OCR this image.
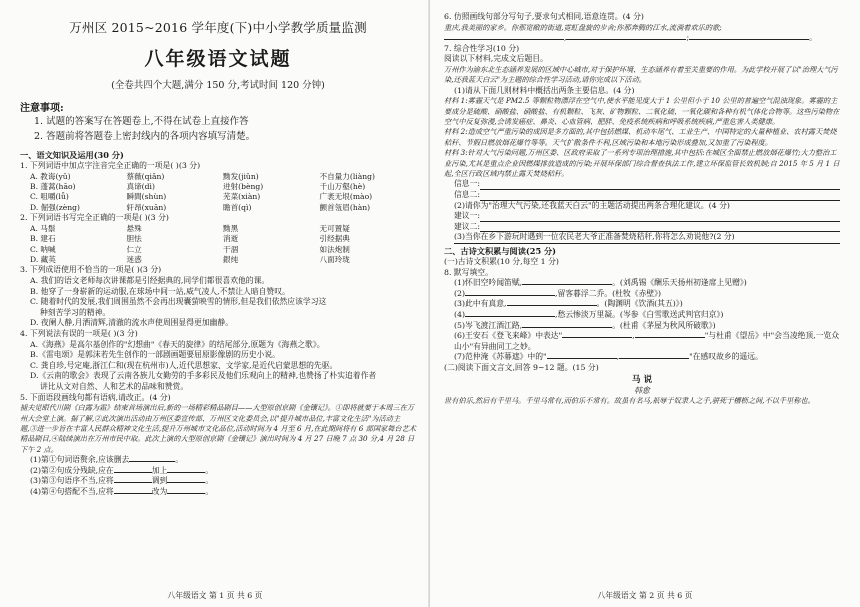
万州区 2015~2016 学年度(下)中小学教学质量监测
八年级语文试题
(全卷共四个大题,满分 150 分,考试时间 120 分钟)
注意事项:
1. 试题的答案写在答题卷上,不得在试卷上直接作答
2. 答题前将答题卷上密封线内的各项内容填写清楚。
一、语文知识及运用(30 分)
1. 下列词语中加点字注音完全正确的一项是( )(3 分)
A. 教诲(yǔ)	蔡薇(qiǎn)	黝发(jiǔn)	不自量力(liàng)
B. 蓬蒿(hāo)	真谛(dì)	迸射(bèng)	千山万壑(hè)
C. 咀嚼(lǚ)	瞬間(shùn)	芜菜(xiàn)	广袤无垠(mào)
D. 倔强(zèng)	轩昂(xuān)	瞻首(qì)	颤首瓴眉(hàn)
2. 下列词语书写完全正确的一项是( )(3 分)
A. 马鬃	悬殊	黝黑	无可置疑
B. 建石	胆怯	消逝	引经据典
C. 呐喊	仁立	干涸	如法炮制
D. 藏英	迷惑	銀纯	八面玲珑
3. 下列成语使用不恰当的一项是( )(3 分)
A. 我们的语文老师每次讲课都是引经据典的,同学们都很喜欢他的课。
B. 他穿了一身崭新的运动服,在球场中间一站,威气凌人,不禁让人暗自赞叹。
C. 随着时代的发展,我们周围虽然不会再出现囊萤映雪的情形,但是我们依然应该学习这
种刻苦学习的精神。
D. 夜阑人静,月洒清辉,清澈的流水声使周围显得更加幽静。
4. 下列说法有误的一项是( )(3 分)
A.《海燕》是高尔基创作的"幻想曲"《春天的旋律》的结尾部分,原题为《海燕之歌》。
B.《雷电颂》是郭沫若先生创作的一部剧画题要屈原影像剧的历史小说。
C. 龚自珍,号定庵,浙江仁和(现在杭州市)人,近代思想家、文学家,是近代启蒙思想的先驱。
D.《云南的歌会》表现了云南各族儿女勤劳的手多彩民及他们乐观向上的精神,也赞扬了朴实追着作者
讲比从文对自然、人和艺术的品味和赞赏。
5. 下面语段画线句都有语病,请改正。(4 分)
捕夫觉眼代川剧《白露为霜》结束首场演出后,新的一场精彩精品剧目——大型原创京剧《金镶记》。①即将就要于本周三在万州大会堂上演。据了解,②此次演出活动由万州区委宣传部、万州区文化委员会,以"提升城市品位,丰富文化生活"为活动主题,③进一步旨在丰富人民群众精神文化生活,提升万州城市文化品位,活动时间为 4 月至 6 月,在此期间将有 6 部国家舞台艺术精品剧目,④陆续演出在万州市民中取。此次上演的大型原创京剧《金镶记》演出时间为 4 月 27 日晚 7 点 30 分,4 月 28 日下午 2 点。
(1)第①句词语赘余,应该删去	。
(2)第②句成分残缺,应在	加上	。
(3)第③句语序不当,应将	调到	。
(4)第④句搭配不当,应将	改为	。
八年级语文 第 1 页 共 6 页
6. 仿照画线句部分写句子,要求句式相同,语意连贯。(4 分)
重庆,我美丽的家乡。你那宽敞的街道,霓虹盘旋的步舍;你那奔腾的江水,流淌着欢乐的歌;
,	;	。
7. 综合性学习(10 分)
阅读以下材料,完成文后题目。
万州作为渝东北生态涵养发展的区域中心城市,对于保护环境、生态涵养有着至关重要的作用。为此学校开展了以"治理大气污染,还我蓝天白云"为主题的综合性学习活动,请你完成以下活动。
(1)请从下面几则材料中概括出两条主要信息。(4 分)
材料 1:雾霾天气是 PM2.5 等颗粒物漂浮在空气中,使水平能见度大于 1 公里但小于 10 公里的普遍空气混浊现象。雾霾的主要成分是硫酸、硝酸盐、硝酸盐、有机颗粒、飞灰、矿物颗粒、二氧化硫、一氧化碳和各种有机气体化合物等。这些污染物在空气中反复弥漫,会诱发癌症、鼻炎、心血管病、肥胖、免疫系统疾病和呼吸系统疾病,严重危害人类健康。
材料 2:造成空气严重污染的成因是多方面的,其中包括燃煤、机动车尾气、工业生产、中国特定的大量种植业、农村露天焚烧秸秆、节假日燃放烟花爆竹等等。天气扩散条件不利,区域污染和本地污染形成叠加,又加重了污染程度。
材料 3:针对大气污染问题,万州区委、区政府采取了一系列专项治理措施,其中包括:在城区全面禁止燃放烟花爆竹;大力整治工业污染,尤其是重点企业因燃煤排放造成的污染;开展环保部门综合督查执法工作,建立环保监管长效机制;自 2015 年 5 月 1 日起,全区行政区域内禁止露天焚烧秸秆。
信息一:
信息二:
(2)请你为"治理大气污染,还我蓝天白云"的主题活动提出两条合理化建议。(4 分)
建议一:
建议二:
(3)当你在乡下游玩时遇到一位农民老大爷正准备焚烧秸秆,你将怎么劝说他?(2 分)
二、古诗文积累与阅读(25 分)
(一)古诗文积累(10 分,每空 1 分)
8. 默写填空。
(1)怀旧空吟闻笛赋,	。(刘禹锡《酬乐天扬州初逢席上见赠》)
(2)	,留客暮浮二乔。(杜牧《赤壁》)
(3)此中有真意,	。(陶渊明《饮酒(其五)》)
(4)	,愁云惨淡万里凝。(岑参《白雪歌送武判官归京》)
(5)岑飞渡江酒江路,	。(杜甫《茅屋为秋风所破歌》)
(6)王安石《登飞来峰》中表达"	,	"与杜甫《望岳》中"会当凌绝顶,一览众山小"有异曲同工之妙。
(7)范仲淹《苏幕遮》中的"	,	"在感叹故乡的遥远。
(二)阅读下面文言文,回答 9~12 题。(15 分)
马 说
韩愈
世有伯乐,然后有千里马。千里马常有,而伯乐不常有。故虽有名马,祇辱于奴隶人之手,骈死于槽枥之间,不以千里称也。
八年级语文 第 2 页 共 6 页
